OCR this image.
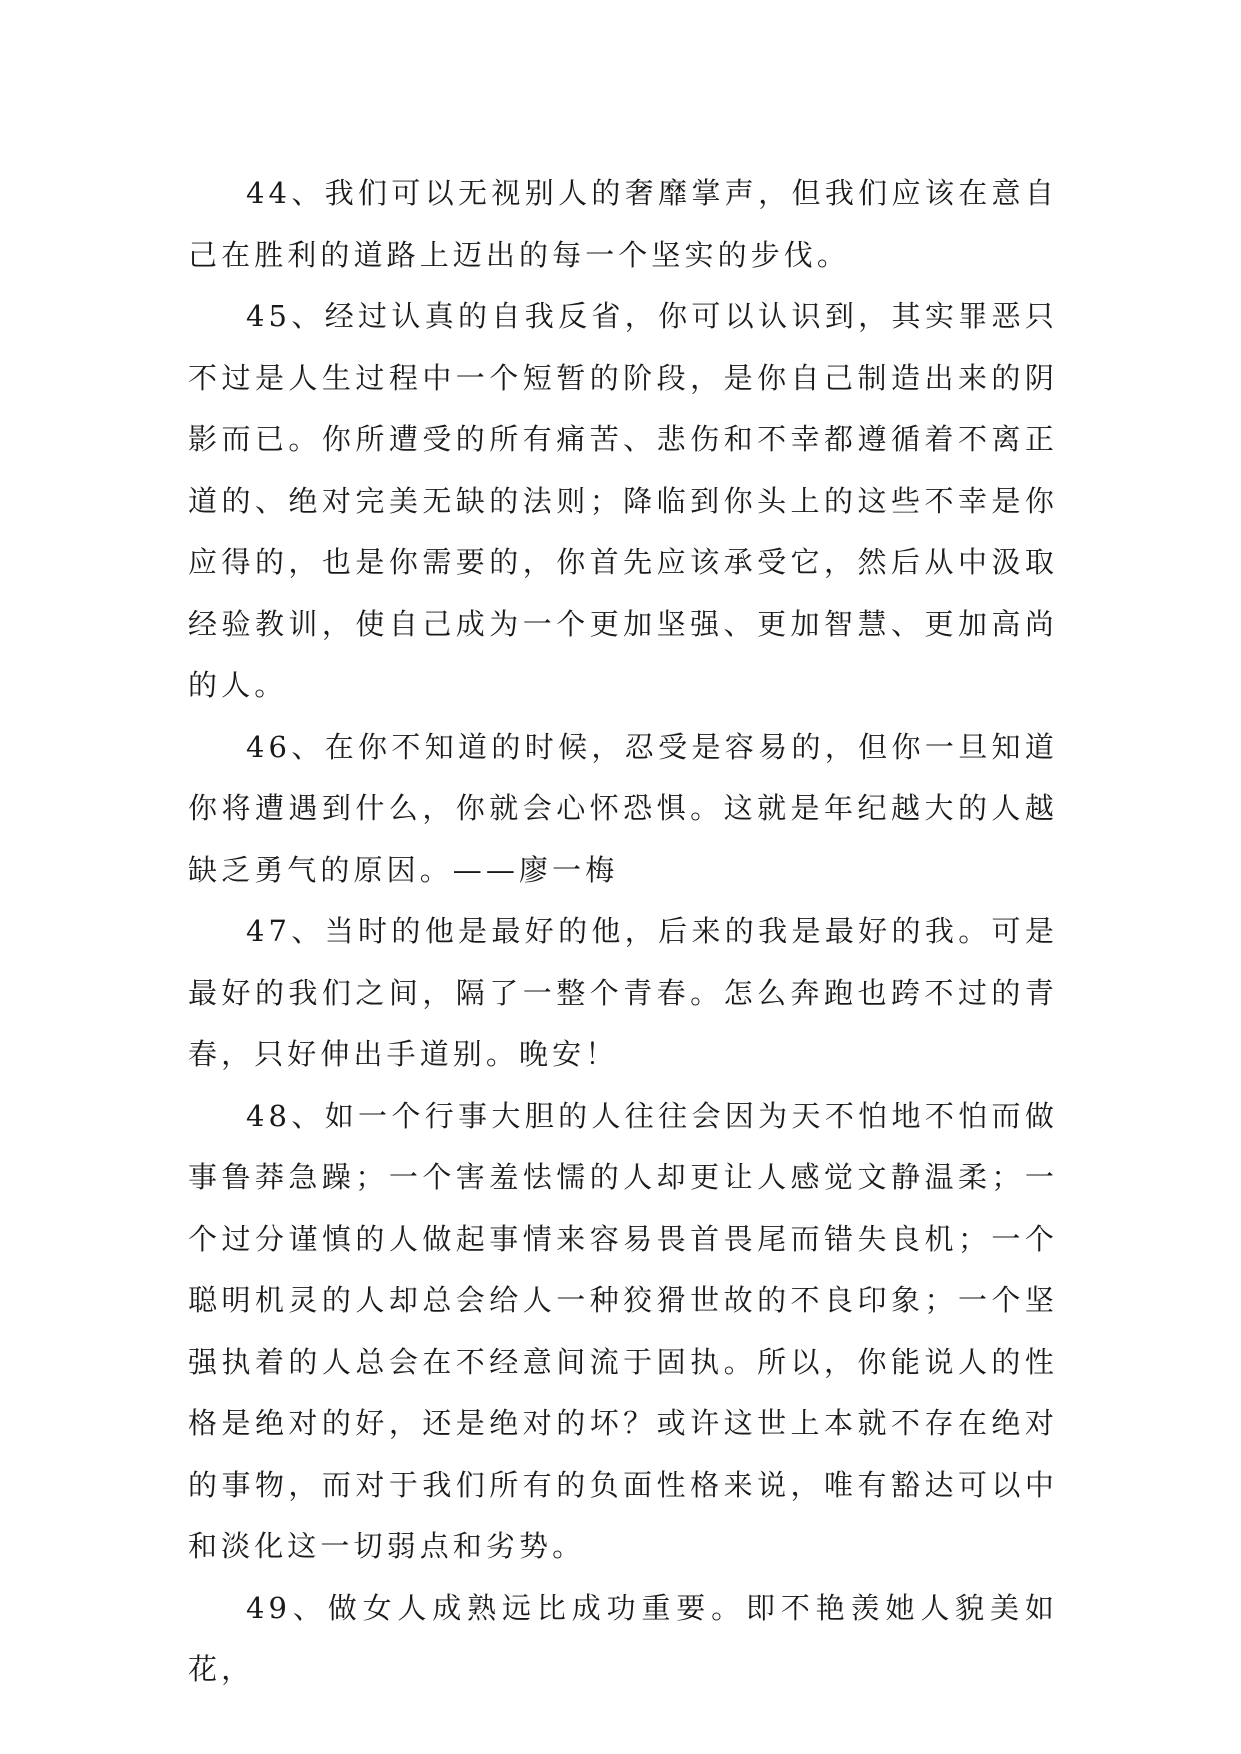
44、我们可以无视别人的奢靡掌声，但我们应该在意自己在胜利的道路上迈出的每一个坚实的步伐。

45、经过认真的自我反省，你可以认识到，其实罪恶只不过是人生过程中一个短暂的阶段，是你自己制造出来的阴影而已。你所遭受的所有痛苦、悲伤和不幸都遵循着不离正道的、绝对完美无缺的法则；降临到你头上的这些不幸是你应得的，也是你需要的，你首先应该承受它，然后从中汲取经验教训，使自己成为一个更加坚强、更加智慧、更加高尚的人。

46、在你不知道的时候，忍受是容易的，但你一旦知道你将遭遇到什么，你就会心怀恐惧。这就是年纪越大的人越缺乏勇气的原因。——廖一梅

47、当时的他是最好的他，后来的我是最好的我。可是最好的我们之间，隔了一整个青春。怎么奔跑也跨不过的青春，只好伸出手道别。晚安！

48、如一个行事大胆的人往往会因为天不怕地不怕而做事鲁莽急躁；一个害羞怯懦的人却更让人感觉文静温柔；一个过分谨慎的人做起事情来容易畏首畏尾而错失良机；一个聪明机灵的人却总会给人一种狡猾世故的不良印象；一个坚强执着的人总会在不经意间流于固执。所以，你能说人的性格是绝对的好，还是绝对的坏？或许这世上本就不存在绝对的事物，而对于我们所有的负面性格来说，唯有豁达可以中和淡化这一切弱点和劣势。

49、做女人成熟远比成功重要。即不艳羡她人貌美如花，
